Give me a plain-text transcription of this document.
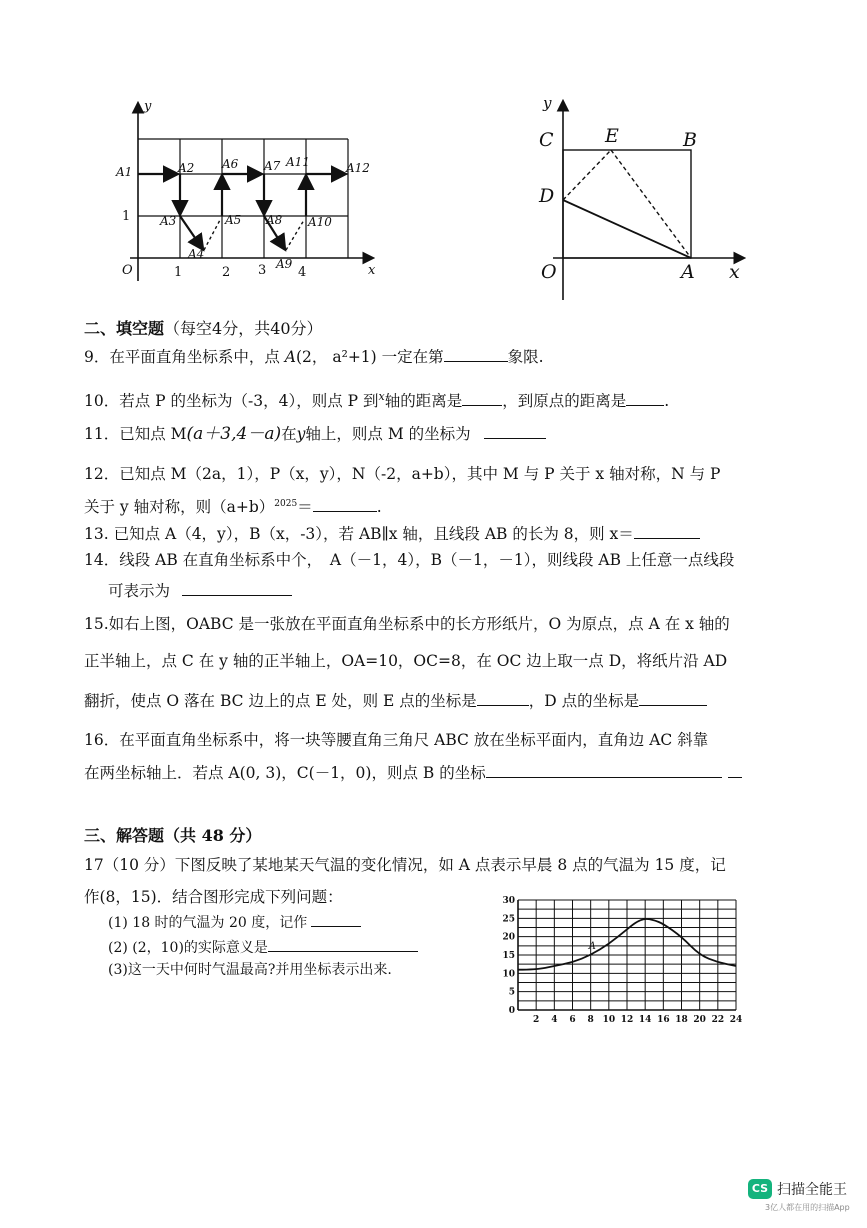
y
x
O	1	2 3 4
1
A1	A2
A3
A4
A5
A6 A7
A8
A9
A10
A11	A12
y
x
C	E	B
D
O	A
二、填空题（每空4分，共40分）
9．在平面直角坐标系中，点 A(2， a²+1) 一定在第	象限.
10．若点 P 的坐标为（-3，4），则点 P 到$^x$轴的距离是	，到原点的距离是 .
11．已知点 M(a＋3,4－a)在y轴上，则点 M 的坐标为
12．已知点 M（2a，1），P（x，y），N（-2，a+b），其中 M 与 P 关于 x 轴对称，N 与 P
关于 y 轴对称，则$(a+b)^{2025}=$	.
13. 已知点 A（4，y），B（x，-3），若 AB∥x 轴，且线段 AB 的长为 8，则 x＝
14．线段 AB 在直角坐标系中个，　A（－1，4），B（－1，－1），则线段 AB 上任意一点线段
可表示为
15.如右上图，OABC 是一张放在平面直角坐标系中的长方形纸片，O 为原点，点 A 在 x 轴的
正半轴上，点 C 在 y 轴的正半轴上，OA=10，OC=8，在 OC 边上取一点 D，将纸片沿 AD
翻折，使点 O 落在 BC 边上的点 E 处，则 E 点的坐标是	，D 点的坐标是
16．在平面直角坐标系中，将一块等腰直角三角尺 ABC 放在坐标平面内，直角边 AC 斜靠
在两坐标轴上．若点 A(0, 3)，C(－1，0)，则点 B 的坐标
三、解答题（共 48 分）
17（10 分）下图反映了某地某天气温的变化情况，如 A 点表示早晨 8 点的气温为 15 度，记
作(8，15)．结合图形完成下列问题：
(1) 18 时的气温为 20 度，记作
(2) (2，10)的实际意义是
(3)这一天中何时气温最高?并用坐标表示出来.
2 4 6 8 10 12 14 16 18 20 22 24
0
5
10
15
20
25
30
A
CS 扫描全能王
3亿人都在用的扫描App
